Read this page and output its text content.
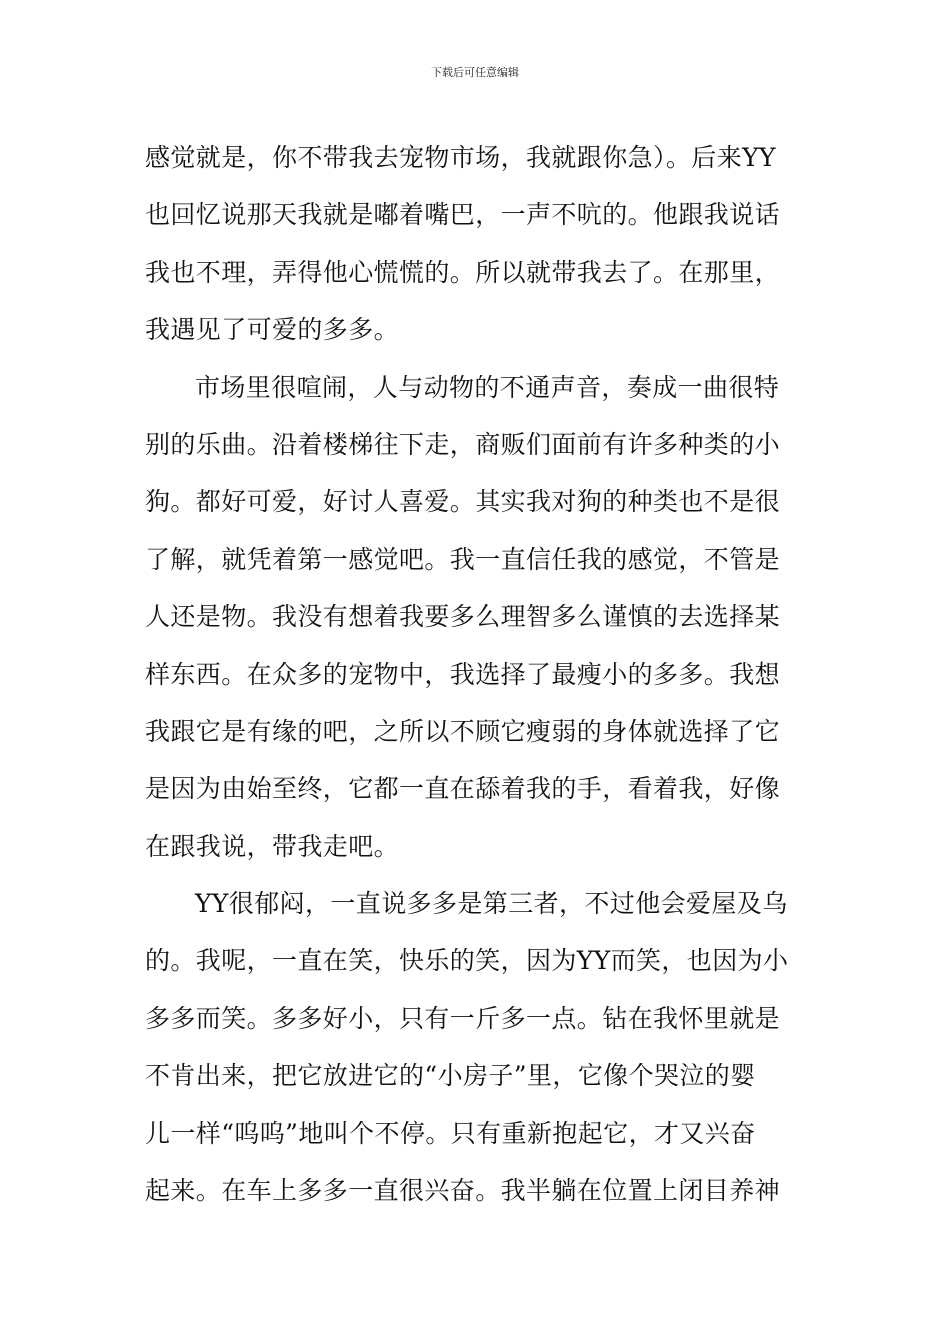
下载后可任意编辑
感觉就是，你不带我去宠物市场，我就跟你急）。后来YY
也回忆说那天我就是嘟着嘴巴，一声不吭的。他跟我说话
我也不理，弄得他心慌慌的。所以就带我去了。在那里，
我遇见了可爱的多多。
市场里很喧闹，人与动物的不通声音，奏成一曲很特
别的乐曲。沿着楼梯往下走，商贩们面前有许多种类的小
狗。都好可爱，好讨人喜爱。其实我对狗的种类也不是很
了解，就凭着第一感觉吧。我一直信任我的感觉，不管是
人还是物。我没有想着我要多么理智多么谨慎的去选择某
样东西。在众多的宠物中，我选择了最瘦小的多多。我想
我跟它是有缘的吧，之所以不顾它瘦弱的身体就选择了它
是因为由始至终，它都一直在舔着我的手，看着我，好像
在跟我说，带我走吧。
YY很郁闷，一直说多多是第三者，不过他会爱屋及乌
的。我呢，一直在笑，快乐的笑，因为YY而笑，也因为小
多多而笑。多多好小，只有一斤多一点。钻在我怀里就是
不肯出来，把它放进它的“小房子”里，它像个哭泣的婴
儿一样“呜呜”地叫个不停。只有重新抱起它，才又兴奋
起来。在车上多多一直很兴奋。我半躺在位置上闭目养神
